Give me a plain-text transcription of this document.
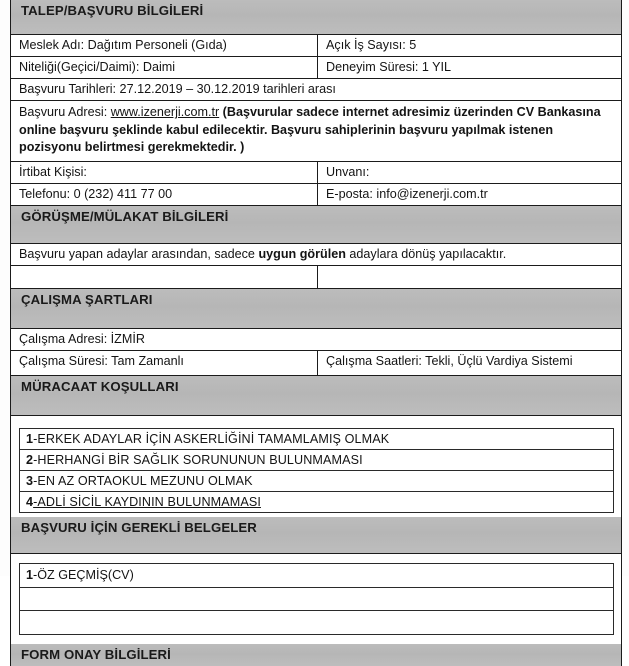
TALEP/BAŞVURU BİLGİLERİ
Meslek Adı: Dağıtım Personeli (Gıda)	Açık İş Sayısı: 5
Niteliği(Geçici/Daimi): Daimi	Deneyim Süresi: 1 YIL
Başvuru Tarihleri: 27.12.2019 – 30.12.2019 tarihleri arası
Başvuru Adresi: www.izenerji.com.tr (Başvurular sadece internet adresimiz üzerinden CV Bankasına online başvuru şeklinde kabul edilecektir. Başvuru sahiplerinin başvuru yapılmak istenen pozisyonu belirtmesi gerekmektedir. )
İrtibat Kişisi:	Unvanı:
Telefonu: 0 (232) 411 77 00	E-posta: info@izenerji.com.tr
GÖRÜŞME/MÜLAKAT BİLGİLERİ
Başvuru yapan adaylar arasından, sadece uygun görülen adaylara dönüş yapılacaktır.
ÇALIŞMA ŞARTLARI
Çalışma Adresi: İZMİR
Çalışma Süresi: Tam Zamanlı	Çalışma Saatleri: Tekli, Üçlü Vardiya Sistemi
MÜRACAAT KOŞULLARI
1-ERKEK ADAYLAR İÇİN ASKERLİĞİNİ TAMAMLAMIŞ OLMAK
2-HERHANGİ BİR SAĞLIK SORUNUNUN BULUNMAMASI
3-EN AZ ORTAOKUL MEZUNU OLMAK
4-ADLİ SİCİL KAYDININ BULUNMAMASI
BAŞVURU İÇİN GEREKLİ BELGELER
1-ÖZ GEÇMİŞ(CV)
FORM ONAY BİLGİLERİ
